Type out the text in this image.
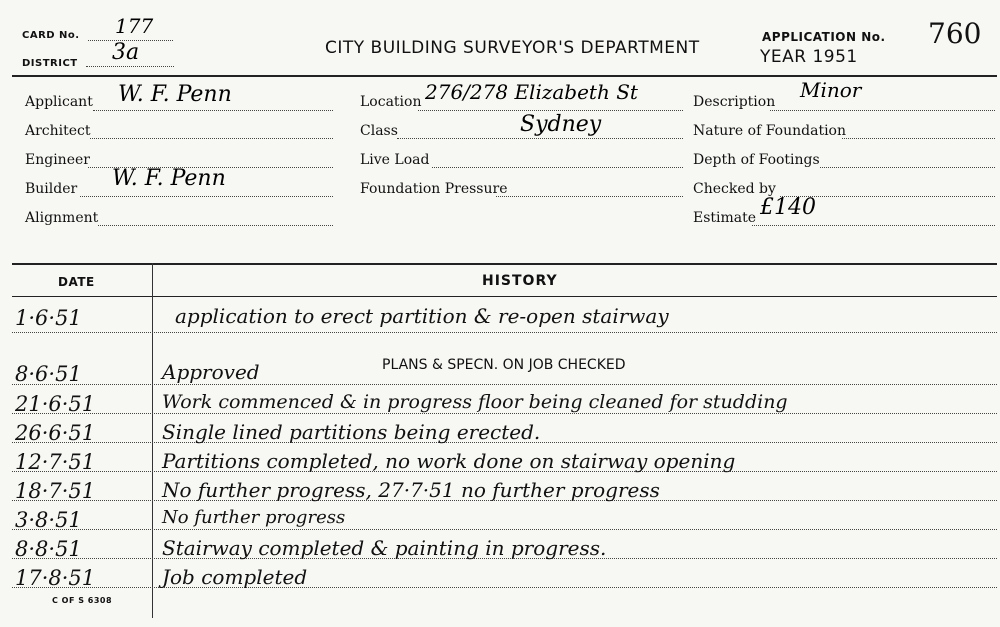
CARD No. 177
DISTRICT 3a	CITY BUILDING SURVEYOR'S DEPARTMENT
APPLICATION No. 760
YEAR 1951
Applicant W. F. Penn
Architect
Engineer
Builder W. F. Penn
Alignment
Location 276/278 Elizabeth St
Class	Sydney
Live Load
Foundation Pressure
Description Minor
Nature of Foundation
Depth of Footings
Checked by
Estimate £140
DATE	HISTORY
1·6·51	application to erect partition & re-open stairway
PLANS & SPECN. ON JOB CHECKED
8·6·51	Approved
21·6·51	Work commenced & in progress floor being cleaned for studding
26·6·51	Single lined partitions being erected.
12·7·51	Partitions completed, no work done on stairway opening
18·7·51	No further progress, 27·7·51 no further progress
3·8·51	No further progress
8·8·51	Stairway completed & painting in progress.
17·8·51	Job completed
C OF S 6308
